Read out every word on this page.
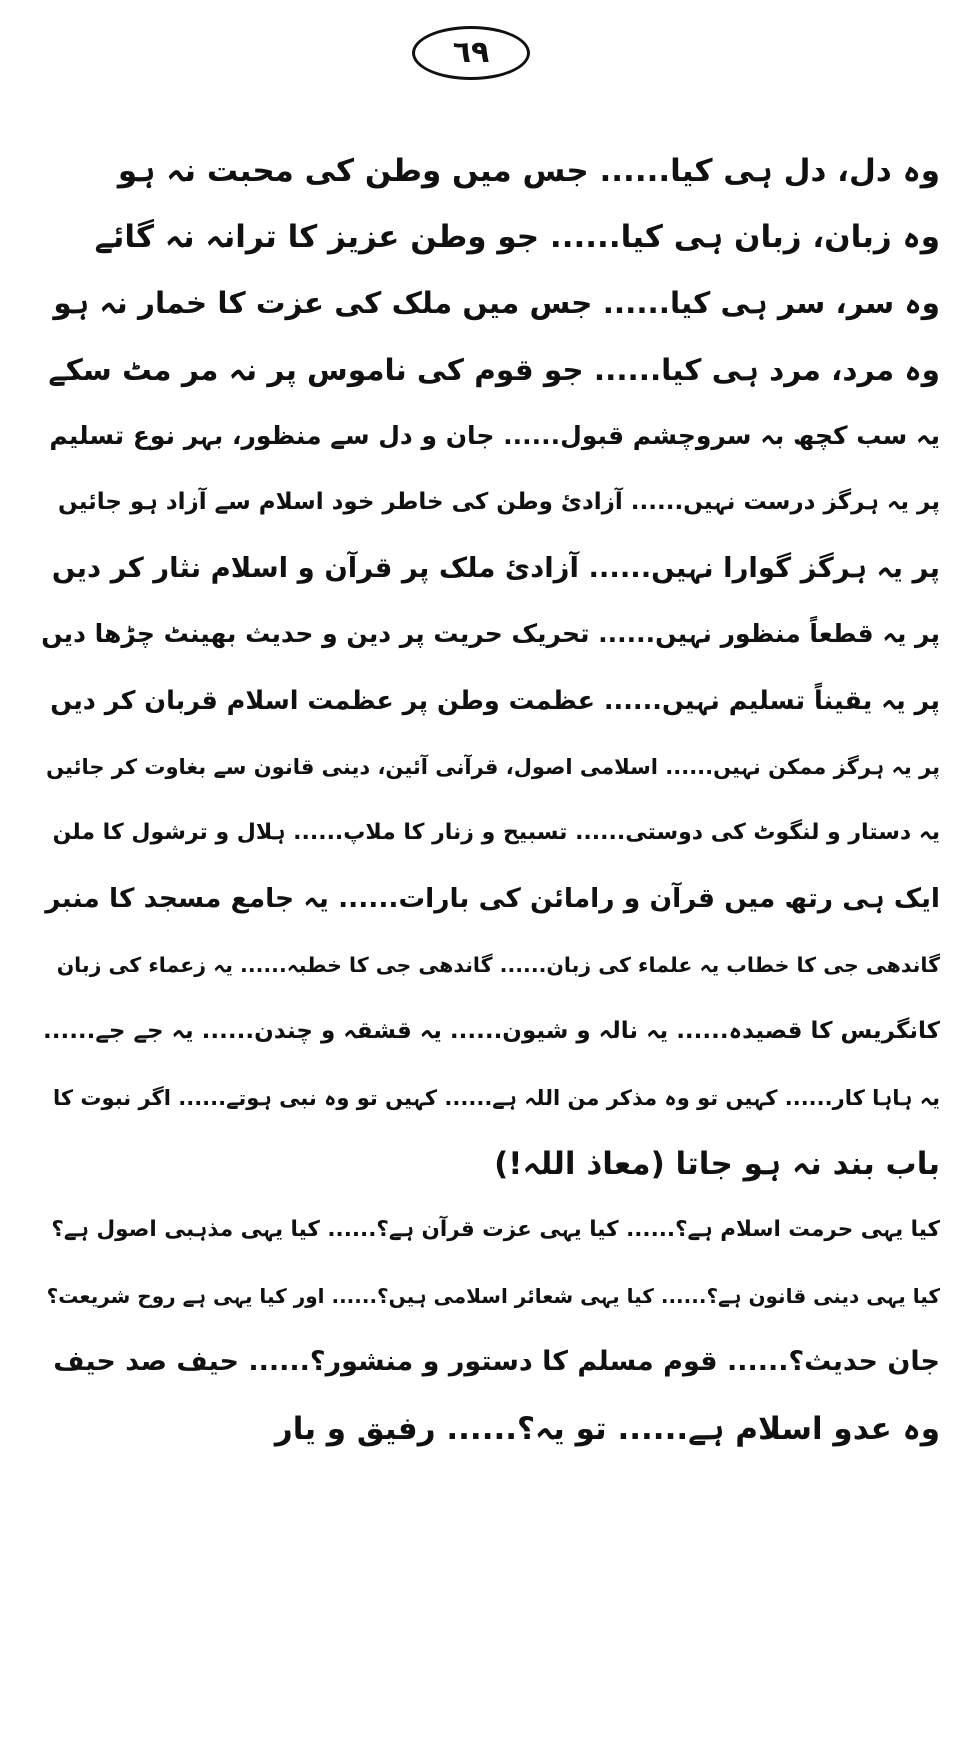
٦٩
وہ دل، دل ہی کیا...... جس میں وطن کی محبت نہ ہو
وہ زبان، زبان ہی کیا...... جو وطن عزیز کا ترانہ نہ گائے
وہ سر، سر ہی کیا...... جس میں ملک کی عزت کا خمار نہ ہو
وہ مرد، مرد ہی کیا...... جو قوم کی ناموس پر نہ مر مٹ سکے
یہ سب کچھ بہ سروچشم قبول...... جان و دل سے منظور، بہر نوع تسلیم
پر یہ ہرگز درست نہیں...... آزادئ وطن کی خاطر خود اسلام سے آزاد ہو جائیں
پر یہ ہرگز گوارا نہیں...... آزادئ ملک پر قرآن و اسلام نثار کر دیں
پر یہ قطعاً منظور نہیں...... تحریک حریت پر دین و حدیث بھینٹ چڑھا دیں
پر یہ یقیناً تسلیم نہیں...... عظمت وطن پر عظمت اسلام قربان کر دیں
پر یہ ہرگز ممکن نہیں...... اسلامی اصول، قرآنی آئین، دینی قانون سے بغاوت کر جائیں
یہ دستار و لنگوٹ کی دوستی...... تسبیح و زنار کا ملاپ...... ہلال و ترشول کا ملن
ایک ہی رتھ میں قرآن و رامائن کی بارات...... یہ جامع مسجد کا منبر
گاندھی جی کا خطاب یہ علماء کی زبان...... گاندھی جی کا خطبہ...... یہ زعماء کی زبان
کانگریس کا قصیدہ...... یہ نالہ و شیون...... یہ قشقہ و چندن...... یہ جے جے......
یہ ہاہا کار...... کہیں تو وہ مذکر من اللہ ہے...... کہیں تو وہ نبی ہوتے...... اگر نبوت کا
باب بند نہ ہو جاتا (معاذ اللہ!)
کیا یہی حرمت اسلام ہے؟...... کیا یہی عزت قرآن ہے؟...... کیا یہی مذہبی اصول ہے؟
کیا یہی دینی قانون ہے؟...... کیا یہی شعائر اسلامی ہیں؟...... اور کیا یہی ہے روح شریعت؟
جان حدیث؟...... قوم مسلم کا دستور و منشور؟...... حیف صد حیف
وہ عدو اسلام ہے...... تو یہ؟...... رفیق و یار
